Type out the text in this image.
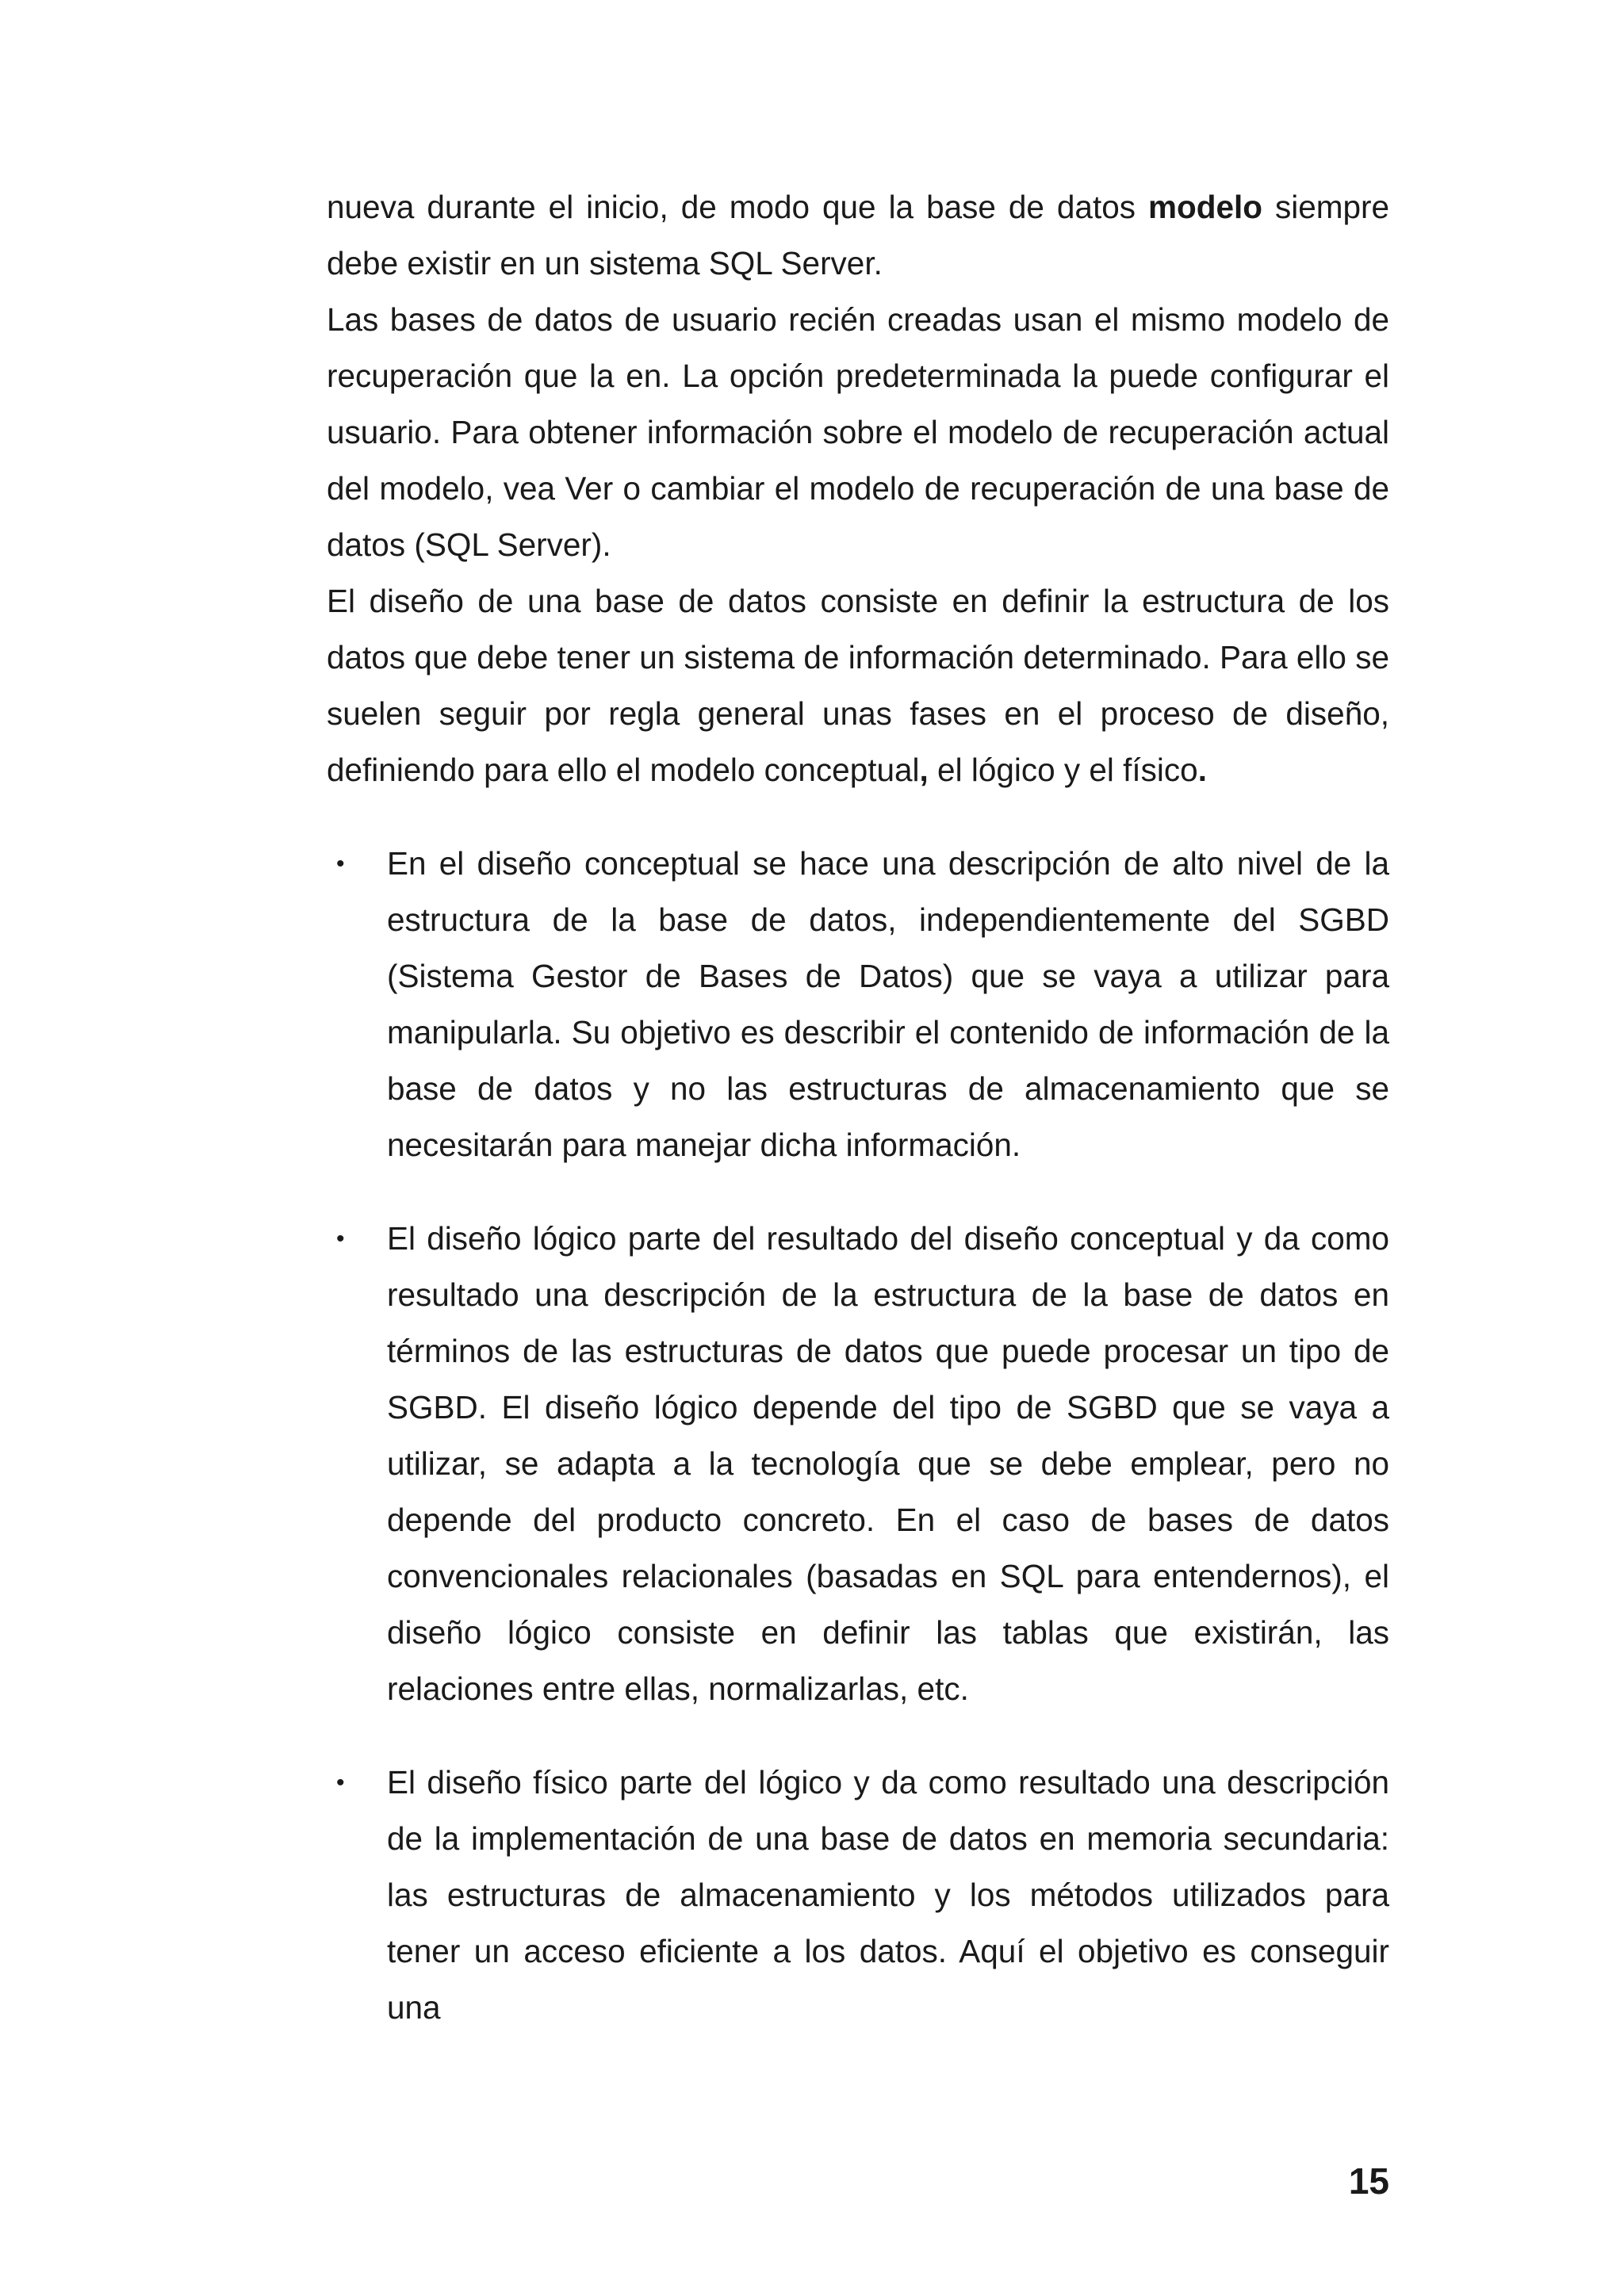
nueva durante el inicio, de modo que la base de datos modelo siempre debe existir en un sistema SQL Server.

Las bases de datos de usuario recién creadas usan el mismo modelo de recuperación que la en. La opción predeterminada la puede configurar el usuario. Para obtener información sobre el modelo de recuperación actual del modelo, vea Ver o cambiar el modelo de recuperación de una base de datos (SQL Server).

El diseño de una base de datos consiste en definir la estructura de los datos que debe tener un sistema de información determinado. Para ello se suelen seguir por regla general unas fases en el proceso de diseño, definiendo para ello el modelo conceptual, el lógico y el físico.

• En el diseño conceptual se hace una descripción de alto nivel de la estructura de la base de datos, independientemente del SGBD (Sistema Gestor de Bases de Datos) que se vaya a utilizar para manipularla. Su objetivo es describir el contenido de información de la base de datos y no las estructuras de almacenamiento que se necesitarán para manejar dicha información.
• El diseño lógico parte del resultado del diseño conceptual y da como resultado una descripción de la estructura de la base de datos en términos de las estructuras de datos que puede procesar un tipo de SGBD. El diseño lógico depende del tipo de SGBD que se vaya a utilizar, se adapta a la tecnología que se debe emplear, pero no depende del producto concreto. En el caso de bases de datos convencionales relacionales (basadas en SQL para entendernos), el diseño lógico consiste en definir las tablas que existirán, las relaciones entre ellas, normalizarlas, etc.
• El diseño físico parte del lógico y da como resultado una descripción de la implementación de una base de datos en memoria secundaria: las estructuras de almacenamiento y los métodos utilizados para tener un acceso eficiente a los datos. Aquí el objetivo es conseguir una
15
